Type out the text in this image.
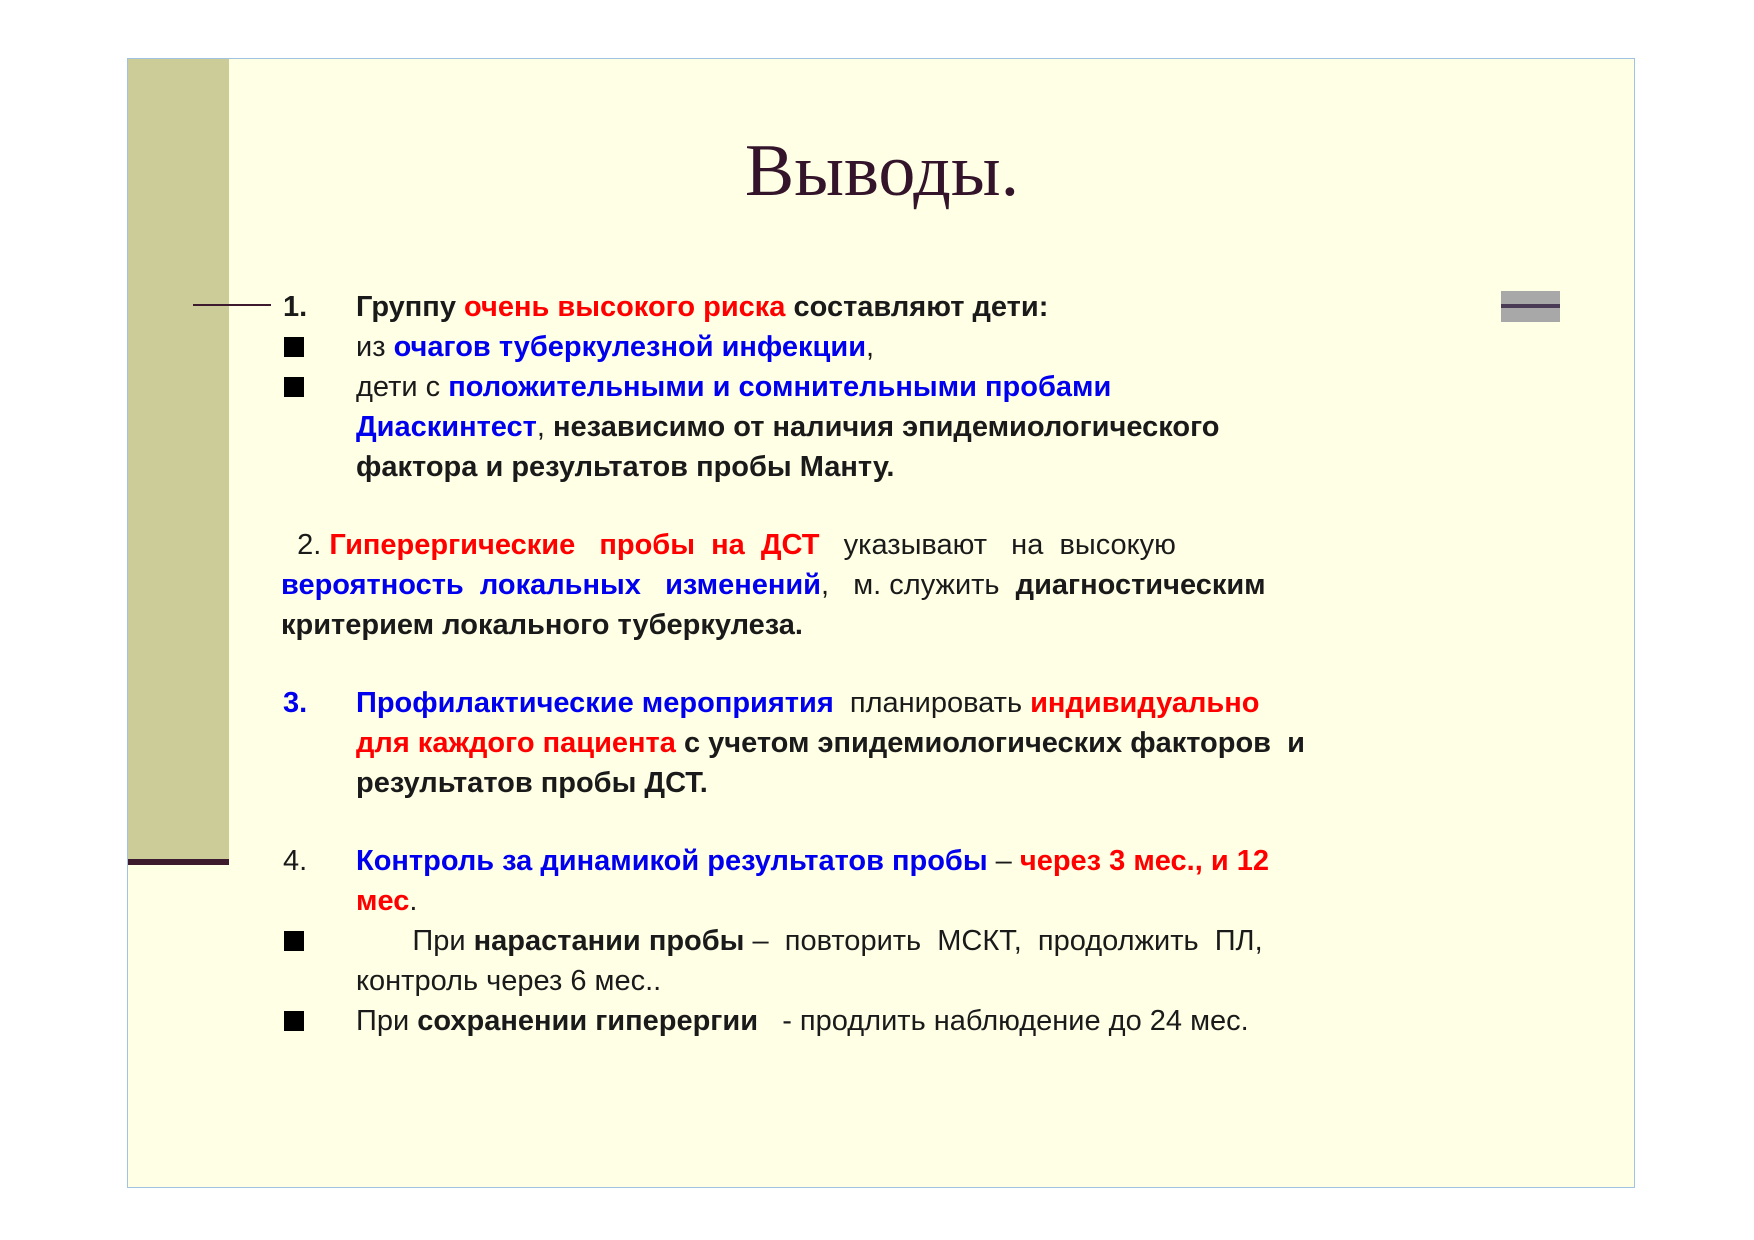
Выводы.
1. Группу очень высокого риска составляют дети:
из очагов туберкулезной инфекции,
дети с положительными и сомнительными пробами
Диаскинтест, независимо от наличия эпидемиологического
фактора и результатов пробы Манту.
2. Гиперергические   пробы  на  ДСТ   указывают   на  высокую
вероятность  локальных   изменений,   м. служить  диагностическим
критерием локального туберкулеза.
3. Профилактические мероприятия  планировать индивидуально
для каждого пациента с учетом эпидемиологических факторов  и
результатов пробы ДСТ.
4. Контроль за динамикой результатов пробы – через 3 мес., и 12
мес.
При нарастании пробы –  повторить  МСКТ,  продолжить  ПЛ,
контроль через 6 мес..
При сохранении гиперергии   - продлить наблюдение до 24 мес.
